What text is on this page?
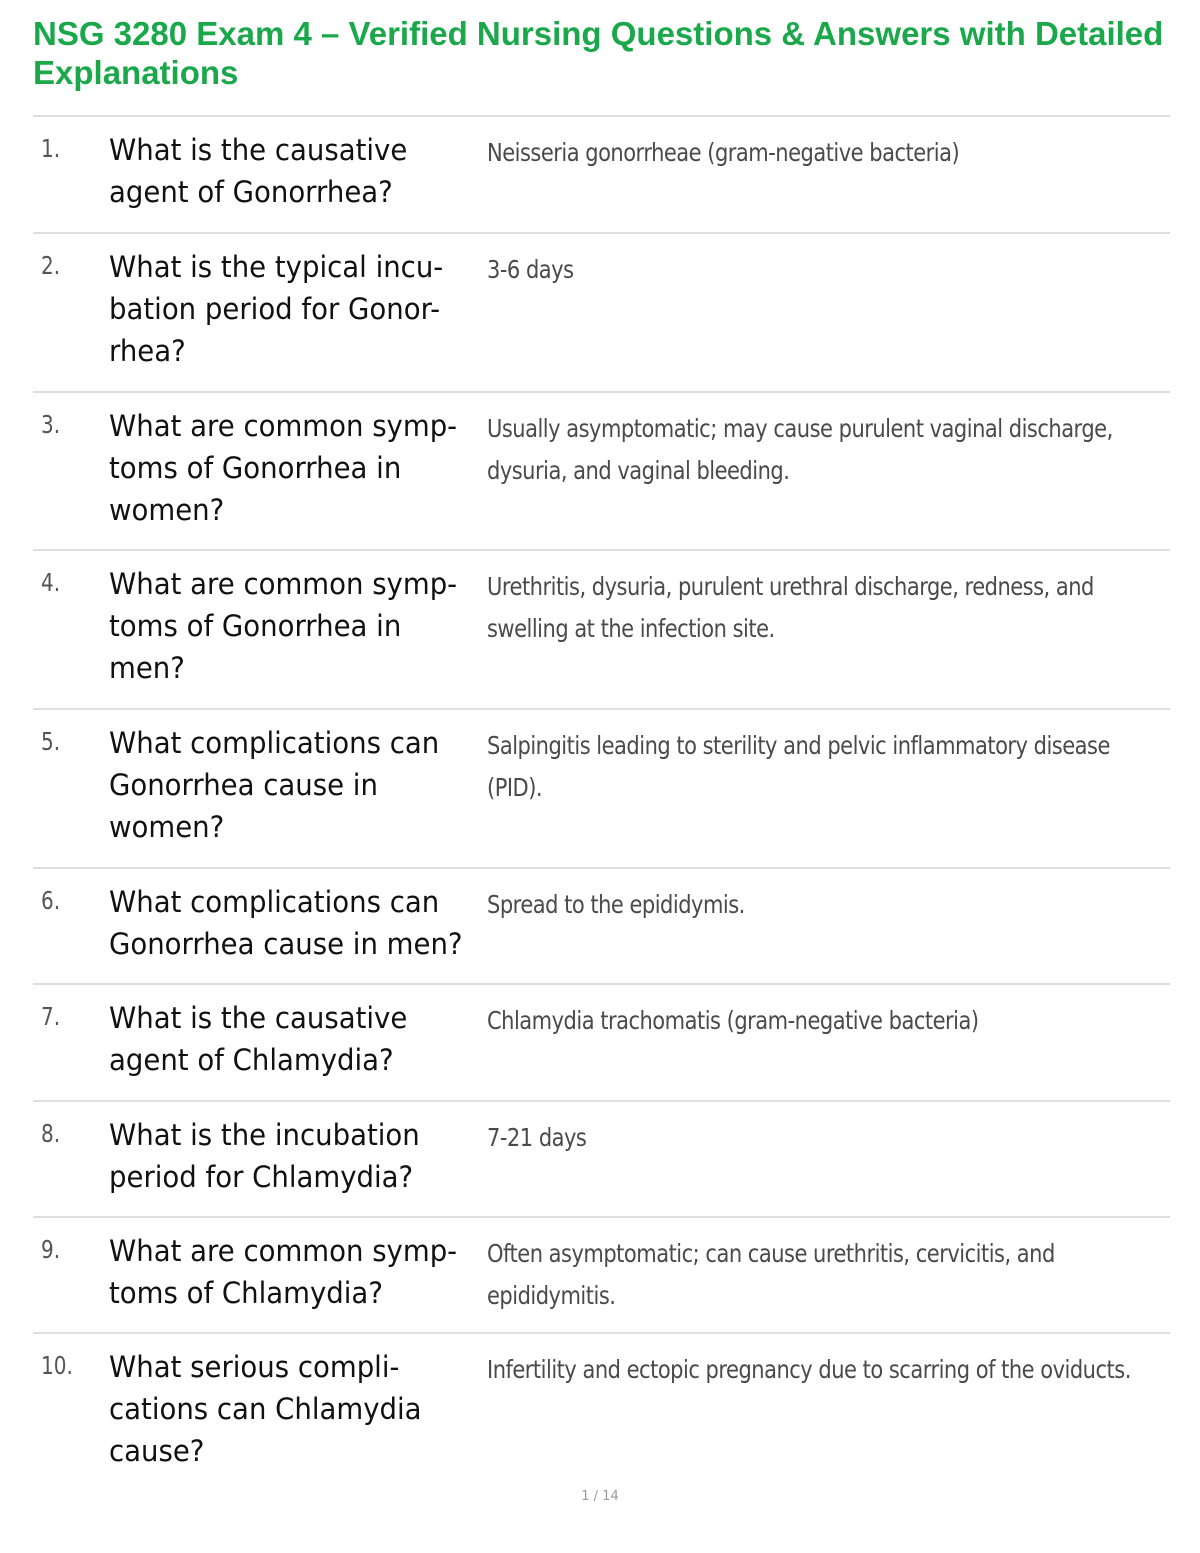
NSG 3280 Exam 4 – Verified Nursing Questions & Answers with Detailed Explanations
1. What is the causative agent of Gonorrhea?
Neisseria gonorrheae (gram-negative bacteria)
2. What is the typical incu-bation period for Gonor-rhea?
3-6 days
3. What are common symp-toms of Gonorrhea in women?
Usually asymptomatic; may cause purulent vaginal discharge, dysuria, and vaginal bleeding.
4. What are common symp-toms of Gonorrhea in men?
Urethritis, dysuria, purulent urethral discharge, redness, and swelling at the infection site.
5. What complications can Gonorrhea cause in women?
Salpingitis leading to sterility and pelvic inflammatory disease (PID).
6. What complications can Gonorrhea cause in men?
Spread to the epididymis.
7. What is the causative agent of Chlamydia?
Chlamydia trachomatis (gram-negative bacteria)
8. What is the incubation period for Chlamydia?
7-21 days
9. What are common symp-toms of Chlamydia?
Often asymptomatic; can cause urethritis, cervicitis, and epididymitis.
10. What serious compli-cations can Chlamydia cause?
Infertility and ectopic pregnancy due to scarring of the oviducts.
1 / 14
